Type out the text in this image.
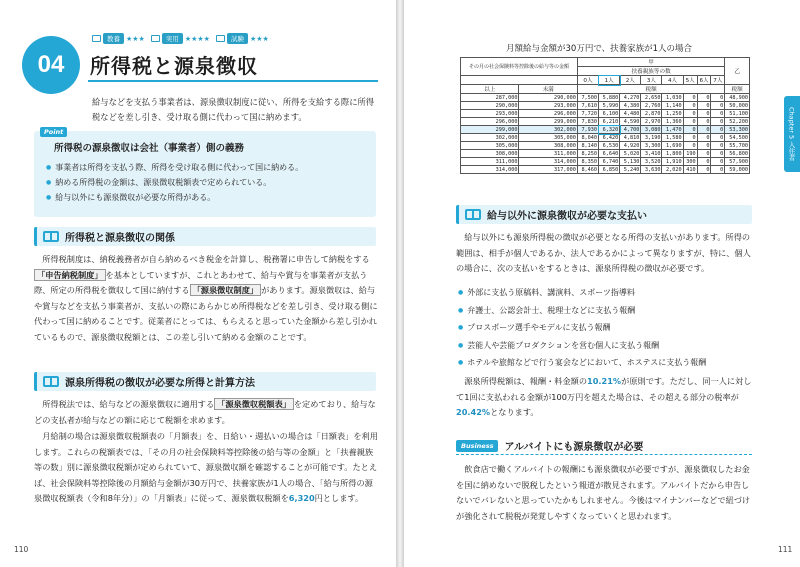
教養 ★★★	実用 ★★★★	試験 ★★★
04	所得税と源泉徴収
給与などを支払う事業者は、源泉徴収制度に従い、所得を支給する際に所得税などを差し引き、受け取る側に代わって国に納めます。
Point
所得税の源泉徴収は会社（事業者）側の義務
● 事業者は所得を支払う際、所得を受け取る側に代わって国に納める。
● 納める所得税の金額は、源泉徴収税額表で定められている。
● 給与以外にも源泉徴収が必要な所得がある。
所得税と源泉徴収の関係
所得税制度は、納税義務者が自ら納めるべき税金を計算し、税務署に申告して納税をする「申告納税制度」 を基本としていますが、これとあわせて、給与や賞与を事業者が支払う際、所定の所得税を徴収して国に納付する 「源泉徴収制度」 があります。源泉徴収は、給与や賞与などを支払う事業者が、支払いの際にあらかじめ所得税などを差し引き、受け取る側に代わって国に納めることです。従業者にとっては、もらえると思っていた金額から差し引かれているもので、源泉徴収税額とは、この差し引いて納める金額のことです。
源泉所得税の徴収が必要な所得と計算方法
所得税法では、給与などの源泉徴収に適用する 「源泉徴収税額表」 を定めており、給与などの支払者が給与などの額に応じて税額を求めます。
月給制の場合は源泉徴収税額表の「月額表」を、日給い・週払いの場合は「日額表」を利用します。これらの税額表では、「その月の社会保険料等控除後の給与等の金額」と「扶養親族等の数」別に源泉徴収税額が定められていて、源泉徴収額を確認することが可能です。たとえば、社会保険料等控除後の月額給与金額が30万円で、扶養家族が1人の場合、「給与所得の源泉徴収税額表（令和8年分）」の「月額表」に従って、源泉徴収税額を6,320円とします。
110
月額給与金額が30万円で、扶養家族が1人の場合
その月の社会保険料等控除後の給与等の金額		甲								乙
		扶養親族等の数								
		0人	1人	2人	3人	4人	5人	6人	7人	
以上	未満	税額								税額
287,000	290,000	7,500	5,880	4,270	2,650	1,030	0	0	0	48,900
290,000	293,000	7,610	5,990	4,380	2,760	1,140	0	0	0	50,000
293,000	296,000	7,720	6,100	4,480	2,870	1,250	0	0	0	51,100
296,000	299,000	7,830	6,210	4,590	2,970	1,360	0	0	0	52,200
299,000	302,000	7,930	6,320	4,700	3,080	1,470	0	0	0	53,300
302,000	305,000	8,040	6,420	4,810	3,190	1,580	0	0	0	54,500
305,000	308,000	8,140	6,530	4,920	3,300	1,690	0	0	0	55,700
308,000	311,000	8,250	6,640	5,020	3,410	1,800	190	0	0	56,800
311,000	314,000	8,350	6,740	5,130	3,520	1,910	300	0	0	57,900
314,000	317,000	8,460	6,850	5,240	3,630	2,020	410	0	0	59,000
Chapter 5 入住者
給与以外に源泉徴収が必要な支払い
給与以外にも源泉所得税の徴収が必要となる所得の支払いがあります。所得の範囲は、相手が個人であるか、法人であるかによって異なりますが、特に、個人の場合に、次の支払いをするときは、源泉所得税の徴収が必要です。
● 外部に支払う原稿料、講演料、スポーツ指導料
● 弁護士、公認会計士、税理士などに支払う報酬
● プロスポーツ選手やモデルに支払う報酬
● 芸能人や芸能プロダクションを営む個人に支払う報酬
● ホテルや旅館などで行う宴会などにおいて、ホステスに支払う報酬
源泉所得税額は、報酬・料金額の10.21%が原則です。ただし、同一人に対して1回に支払われる金額が100万円を超えた場合は、その超える部分の税率が20.42%となります。
Business	アルバイトにも源泉徴収が必要
飲食店で働くアルバイトの報酬にも源泉徴収が必要ですが、源泉徴収したお金を国に納めないで脱税したという報道が散見されます。アルバイトだから申告しないでバレないと思っていたかもしれません。今後はマイナンバーなどで紐づけが強化されて脱税が発覚しやすくなっていくと思われます。
111
